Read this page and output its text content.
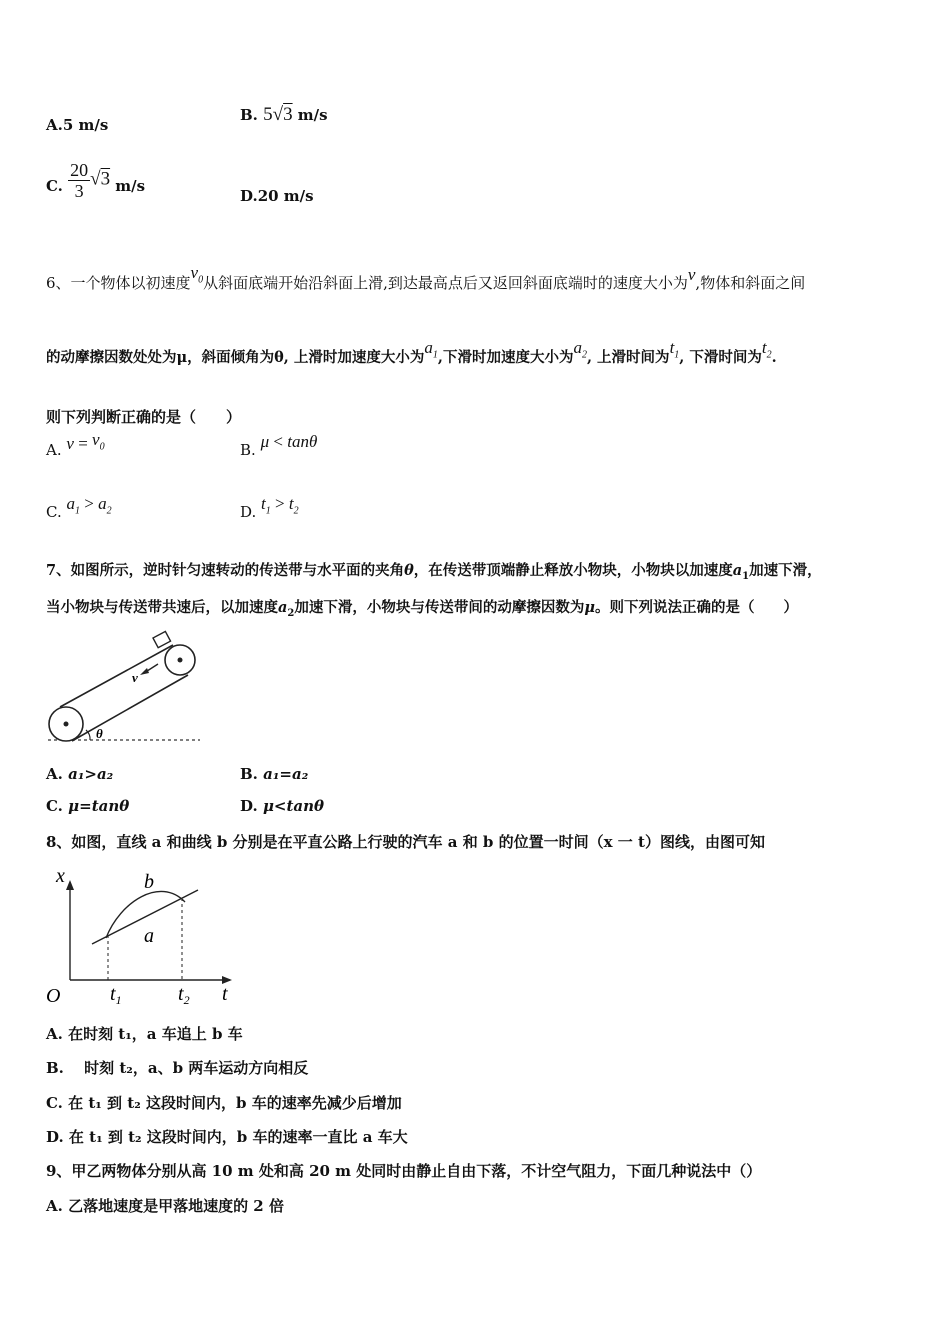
A.5 m/s
B. 5√3 m/s
C. $\frac{20}{3} √3$ m/s
D.20 m/s
6、一个物体以初速度$v_0$从斜面底端开始沿斜面上滑,到达最高点后又返回斜面底端时的速度大小为v,物体和斜面之间
的动摩擦因数处处为μ，斜面倾角为θ, 上滑时加速度大小为$a_1$,下滑时加速度大小为$a_2$, 上滑时间为$t_1$, 下滑时间为$t_2$.
则下列判断正确的是（　　）
A. $v = v_0$	B. μ < tanθ
C. $a_1 > a_2$	D. $t_1 > t_2$
7、如图所示，逆时针匀速转动的传送带与水平面的夹角θ，在传送带顶端静止释放小物块，小物块以加速度$a_1$加速下滑，
当小物块与传送带共速后，以加速度$a_2$加速下滑，小物块与传送带间的动摩擦因数为μ。则下列说法正确的是（　　）
v
θ
A. a₁>a₂	B. a₁=a₂
C. μ=tanθ	D. μ<tanθ
8、如图，直线 a 和曲线 b 分别是在平直公路上行驶的汽车 a 和 b 的位置一时间（x 一 t）图线，由图可知
x
t
O
b
a
$t_1$	$t_2$
A. 在时刻 t₁，a 车追上 b 车
B.　 时刻 t₂，a、b 两车运动方向相反
C. 在 t₁ 到 t₂ 这段时间内，b 车的速率先减少后增加
D. 在 t₁ 到 t₂ 这段时间内，b 车的速率一直比 a 车大
9、甲乙两物体分别从高 10 m 处和高 20 m 处同时由静止自由下落，不计空气阻力，下面几种说法中（）
A. 乙落地速度是甲落地速度的 2 倍
